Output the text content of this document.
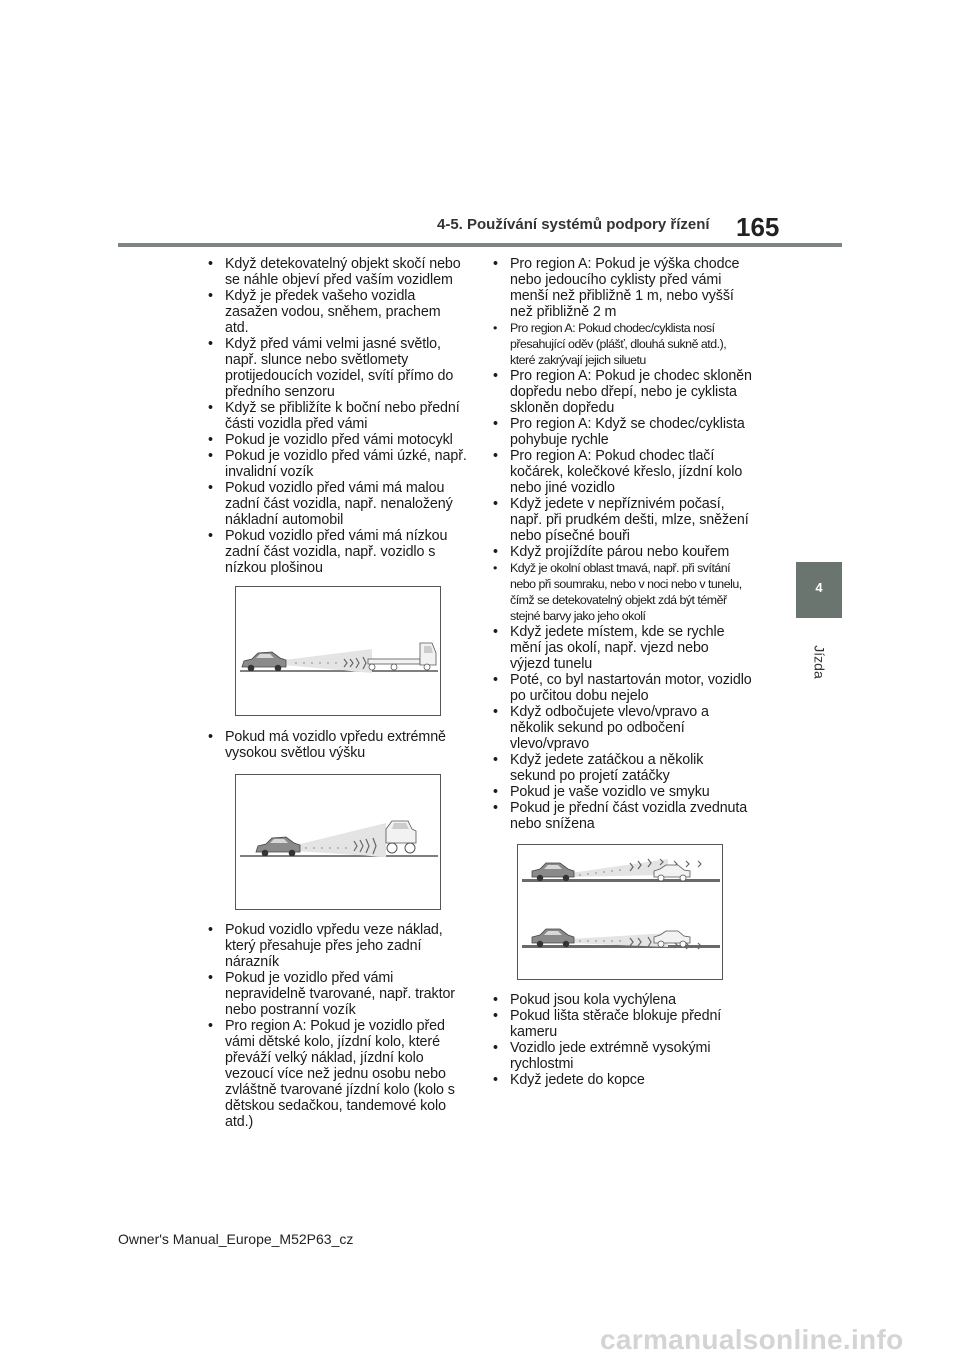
4-5. Používání systémů podpory řízení 165
4
Jízda
• Když detekovatelný objekt skočí nebo se náhle objeví před vaším vozidlem
• Když je předek vašeho vozidla zasažen vodou, sněhem, prachem atd.
• Když před vámi velmi jasné světlo, např. slunce nebo světlomety protijedoucích vozidel, svítí přímo do předního senzoru
• Když se přibližíte k boční nebo přední části vozidla před vámi
• Pokud je vozidlo před vámi motocykl
• Pokud je vozidlo před vámi úzké, např. invalidní vozík
• Pokud vozidlo před vámi má malou zadní část vozidla, např. nenaložený nákladní automobil
• Pokud vozidlo před vámi má nízkou zadní část vozidla, např. vozidlo s nízkou plošinou
• Pokud má vozidlo vpředu extrémně vysokou světlou výšku
• Pokud vozidlo vpředu veze náklad, který přesahuje přes jeho zadní nárazník
• Pokud je vozidlo před vámi nepravidelně tvarované, např. traktor nebo postranní vozík
• Pro region A: Pokud je vozidlo před vámi dětské kolo, jízdní kolo, které převáží velký náklad, jízdní kolo vezoucí více než jednu osobu nebo zvláštně tvarované jízdní kolo (kolo s dětskou sedačkou, tandemové kolo atd.)
• Pro region A: Pokud je výška chodce nebo jedoucího cyklisty před vámi menší než přibližně 1 m, nebo vyšší než přibližně 2 m
• Pro region A: Pokud chodec/cyklista nosí přesahující oděv (plášť, dlouhá sukně atd.), které zakrývají jejich siluetu
• Pro region A: Pokud je chodec skloněn dopředu nebo dřepí, nebo je cyklista skloněn dopředu
• Pro region A: Když se chodec/cyklista pohybuje rychle
• Pro region A: Pokud chodec tlačí kočárek, kolečkové křeslo, jízdní kolo nebo jiné vozidlo
• Když jedete v nepříznivém počasí, např. při prudkém dešti, mlze, sněžení nebo písečné bouři
• Když projíždíte párou nebo kouřem
• Když je okolní oblast tmavá, např. při svítání nebo při soumraku, nebo v noci nebo v tunelu, čímž se detekovatelný objekt zdá být téměř stejné barvy jako jeho okolí
• Když jedete místem, kde se rychle mění jas okolí, např. vjezd nebo výjezd tunelu
• Poté, co byl nastartován motor, vozidlo po určitou dobu nejelo
• Když odbočujete vlevo/vpravo a několik sekund po odbočení vlevo/vpravo
• Když jedete zatáčkou a několik sekund po projetí zatáčky
• Pokud je vaše vozidlo ve smyku
• Pokud je přední část vozidla zvednuta nebo snížena
• Pokud jsou kola vychýlena
• Pokud lišta stěrače blokuje přední kameru
• Vozidlo jede extrémně vysokými rychlostmi
• Když jedete do kopce
Owner's Manual_Europe_M52P63_cz
carmanualsonline.info
